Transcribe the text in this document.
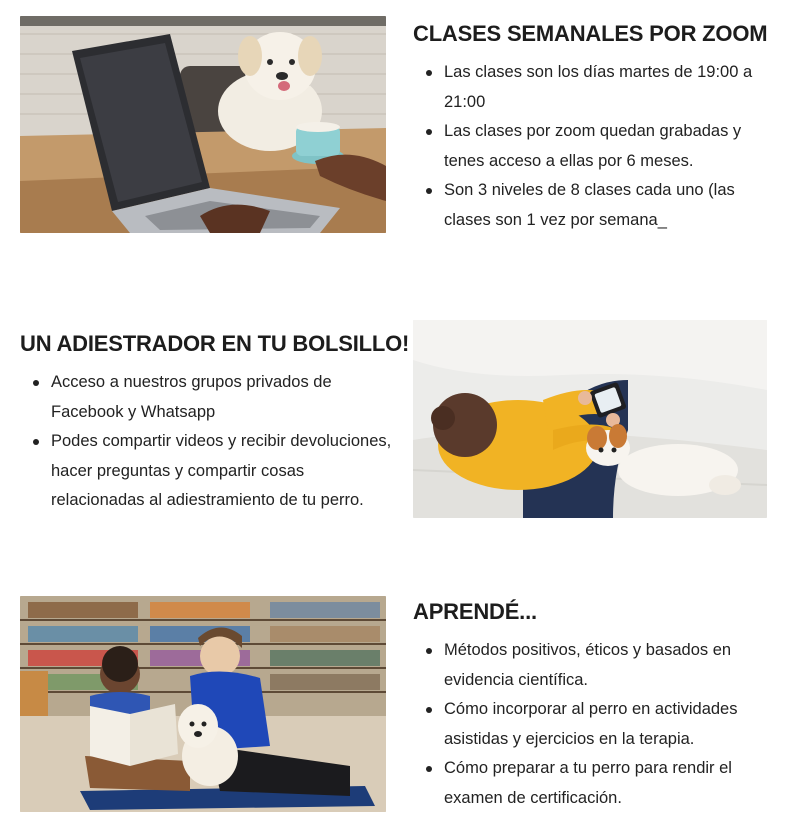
CLASES SEMANALES POR ZOOM
Las clases son los días martes de 19:00 a 21:00
Las clases por zoom quedan grabadas y tenes acceso a ellas por 6 meses.
Son 3 niveles de 8 clases cada uno (las clases son 1 vez por semana_
UN ADIESTRADOR EN TU BOLSILLO!
Acceso a nuestros grupos privados de Facebook y Whatsapp
Podes compartir videos y recibir devoluciones, hacer preguntas y compartir cosas relacionadas al adiestramiento de tu perro.
APRENDÉ...
Métodos positivos, éticos y basados en evidencia científica.
Cómo incorporar al perro en actividades asistidas y ejercicios en la terapia.
Cómo preparar a tu perro para rendir el examen de certificación.
